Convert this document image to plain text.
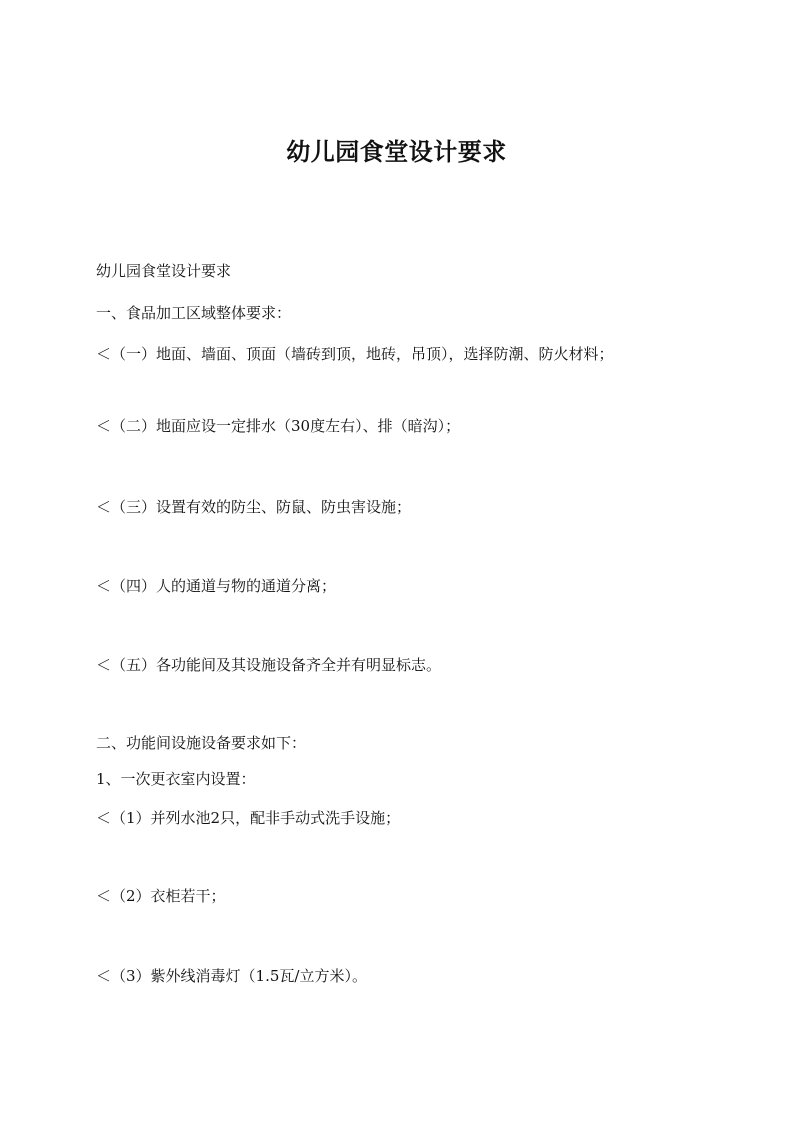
幼儿园食堂设计要求
幼儿园食堂设计要求
一、食品加工区域整体要求：
＜（一）地面、墙面、顶面（墙砖到顶，地砖，吊顶），选择防潮、防火材料；
＜（二）地面应设一定排水（30度左右）、排（暗沟）；
＜（三）设置有效的防尘、防鼠、防虫害设施；
＜（四）人的通道与物的通道分离；
＜（五）各功能间及其设施设备齐全并有明显标志。
二、功能间设施设备要求如下：
1、一次更衣室内设置：
＜（1）并列水池2只，配非手动式洗手设施；
＜（2）衣柜若干；
＜（3）紫外线消毒灯（1.5瓦/立方米）。
